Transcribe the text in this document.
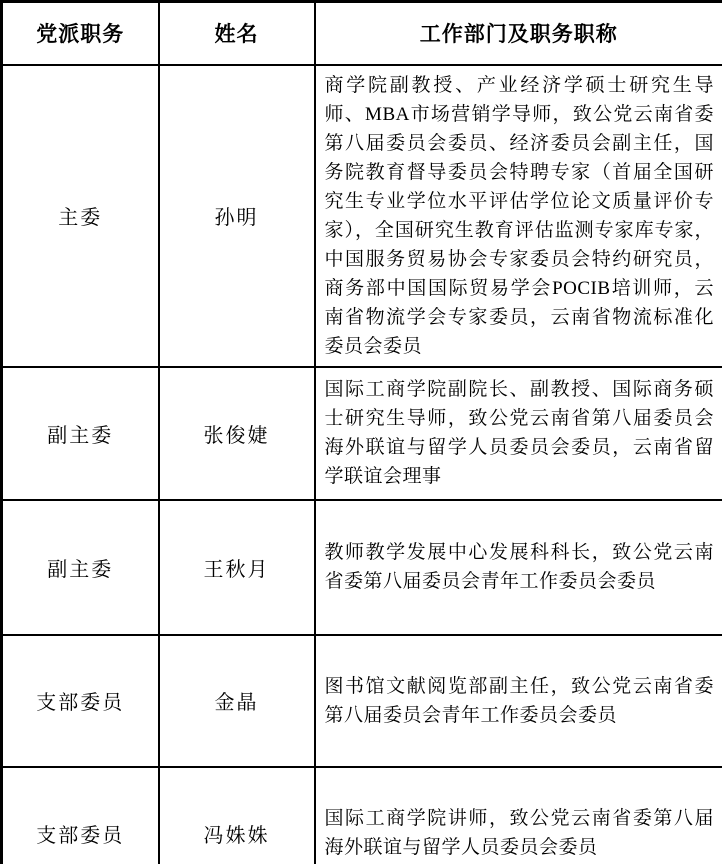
党派职务	姓名	工作部门及职务职称
主委	孙明	商学院副教授、产业经济学硕士研究生导师、MBA市场营销学导师，致公党云南省委第八届委员会委员、经济委员会副主任，国务院教育督导委员会特聘专家（首届全国研究生专业学位水平评估学位论文质量评价专家），全国研究生教育评估监测专家库专家，中国服务贸易协会专家委员会特约研究员，商务部中国国际贸易学会POCIB培训师，云南省物流学会专家委员，云南省物流标准化委员会委员
副主委	张俊婕	国际工商学院副院长、副教授、国际商务硕士研究生导师，致公党云南省第八届委员会海外联谊与留学人员委员会委员，云南省留学联谊会理事
副主委	王秋月	教师教学发展中心发展科科长，致公党云南省委第八届委员会青年工作委员会委员
支部委员	金晶	图书馆文献阅览部副主任，致公党云南省委第八届委员会青年工作委员会委员
支部委员	冯姝姝	国际工商学院讲师，致公党云南省委第八届海外联谊与留学人员委员会委员
